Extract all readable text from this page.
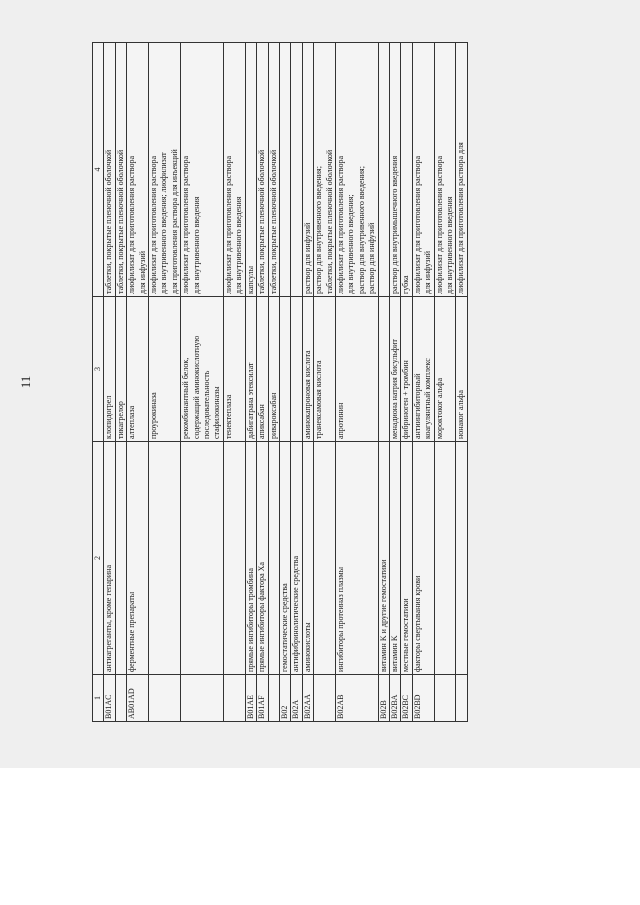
11
1	2	3	4
B01AC	антиагреганты, кроме гепарина	клопидогрел	таблетки, покрытые пленочной оболочкой

		тикагрелор	таблетки, покрытые пленочной оболочкой

AB01AD	ферментные препараты	алтеплаза	лиофилизат для приготовления раствора для инфузий

		проурокиназа	лиофилизат для приготовления раствора для внутривенного введения; лиофилизат для приготовления раствора для инъекций

		рекомбинантный белок, содержащий аминокислотную последовательность стафилокиназы	лиофилизат для приготовления раствора для внутривенного введения

		тенектеплаза	лиофилизат для приготовления раствора для внутривенного введения

B01AE	прямые ингибиторы тромбина	дабигатрана этексилат	капсулы

B01AF	прямые ингибиторы фактора Xa	апиксабан	таблетки, покрытые пленочной оболочкой

		ривароксабан	таблетки, покрытые пленочной оболочкой

B02	гемостатические средства		
B02A	антифибринолитические средства		
B02AA	аминокислоты	аминокапроновая кислота	раствор для инфузий

		транексамовая кислота	раствор для внутривенного введения; таблетки, покрытые пленочной оболочкой

B02AB	ингибиторы протеиназ плазмы	апротинин	лиофилизат для приготовления раствора для внутривенного введения; раствор для внутривенного введения; раствор для инфузий

B02B	витамин K и другие гемостатики		
B02BA	витамин K	менадиона натрия бисульфит	раствор для внутримышечного введения

B02BC	местные гемостатики	фибриноген + тромбин	губка

B02BD	факторы свертывания крови	антиингибиторный коагулянтный комплекс	лиофилизат для приготовления раствора для инфузий

		мороктоког альфа	лиофилизат для приготовления раствора для внутривенного введения

		нонаког альфа	лиофилизат для приготовления раствора для
